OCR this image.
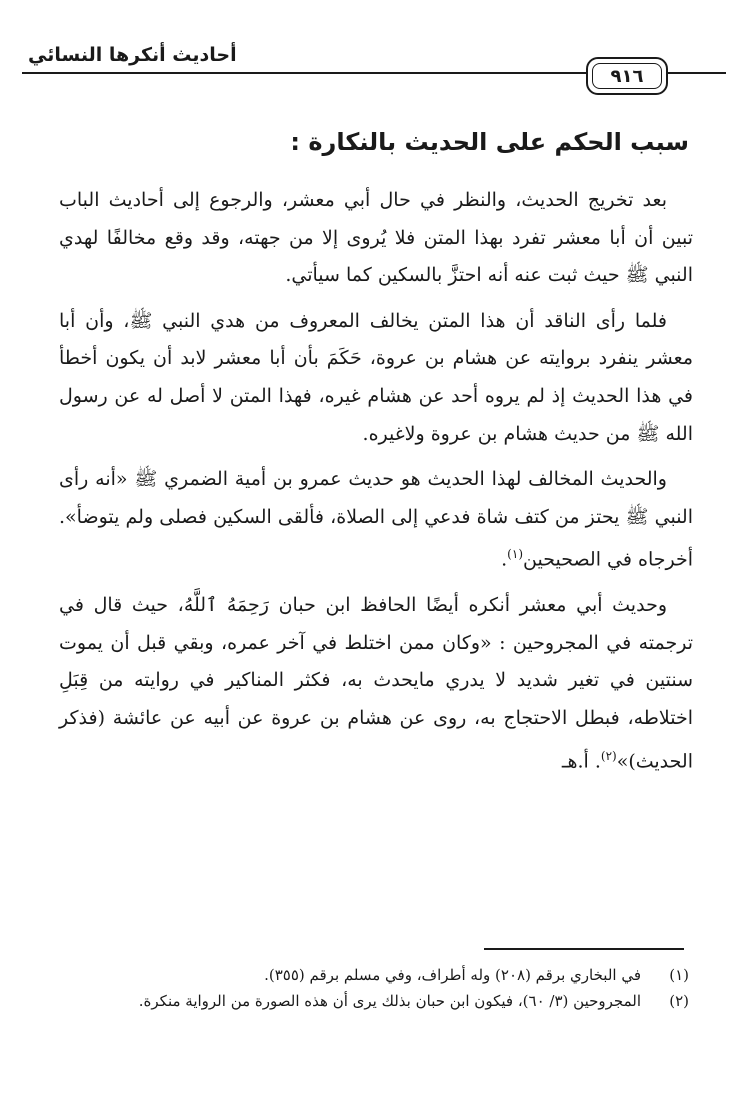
أحاديث أنكرها النسائي
٩١٦
سبب الحكم على الحديث بالنكارة :

بعد تخريج الحديث، والنظر في حال أبي معشر، والرجوع إلى أحاديث الباب تبين أن أبا معشر تفرد بهذا المتن فلا يُروى إلا من جهته، وقد وقع مخالفًا لهدي النبي ﷺ حيث ثبت عنه أنه احتزَّ بالسكين كما سيأتي.

فلما رأى الناقد أن هذا المتن يخالف المعروف من هدي النبي ﷺ، وأن أبا معشر ينفرد بروايته عن هشام بن عروة، حَكَمَ بأن أبا معشر لابد أن يكون أخطأ في هذا الحديث إذ لم يروه أحد عن هشام غيره، فهذا المتن لا أصل له عن رسول الله ﷺ من حديث هشام بن عروة ولاغيره.

والحديث المخالف لهذا الحديث هو حديث عمرو بن أمية الضمري ﷺ «أنه رأى النبي ﷺ يحتز من كتف شاة فدعي إلى الصلاة، فألقى السكين فصلى ولم يتوضأ». أخرجاه في الصحيحين$^{(١)}$.

وحديث أبي معشر أنكره أيضًا الحافظ ابن حبان رَحِمَهُ ٱللَّهُ، حيث قال في ترجمته في المجروحين : «وكان ممن اختلط في آخر عمره، وبقي قبل أن يموت سنتين في تغير شديد لا يدري مايحدث به، فكثر المناكير في روايته من قِبَلِ اختلاطه، فبطل الاحتجاج به، روى عن هشام بن عروة عن أبيه عن عائشة (فذكر الحديث)»$^{(٢)}$. أ.هـ

(١)
في البخاري برقم (٢٠٨) وله أطراف، وفي مسلم برقم (٣٥٥).
(٢)
المجروحين (٣/ ٦٠)، فيكون ابن حبان بذلك يرى أن هذه الصورة من الرواية منكرة.
